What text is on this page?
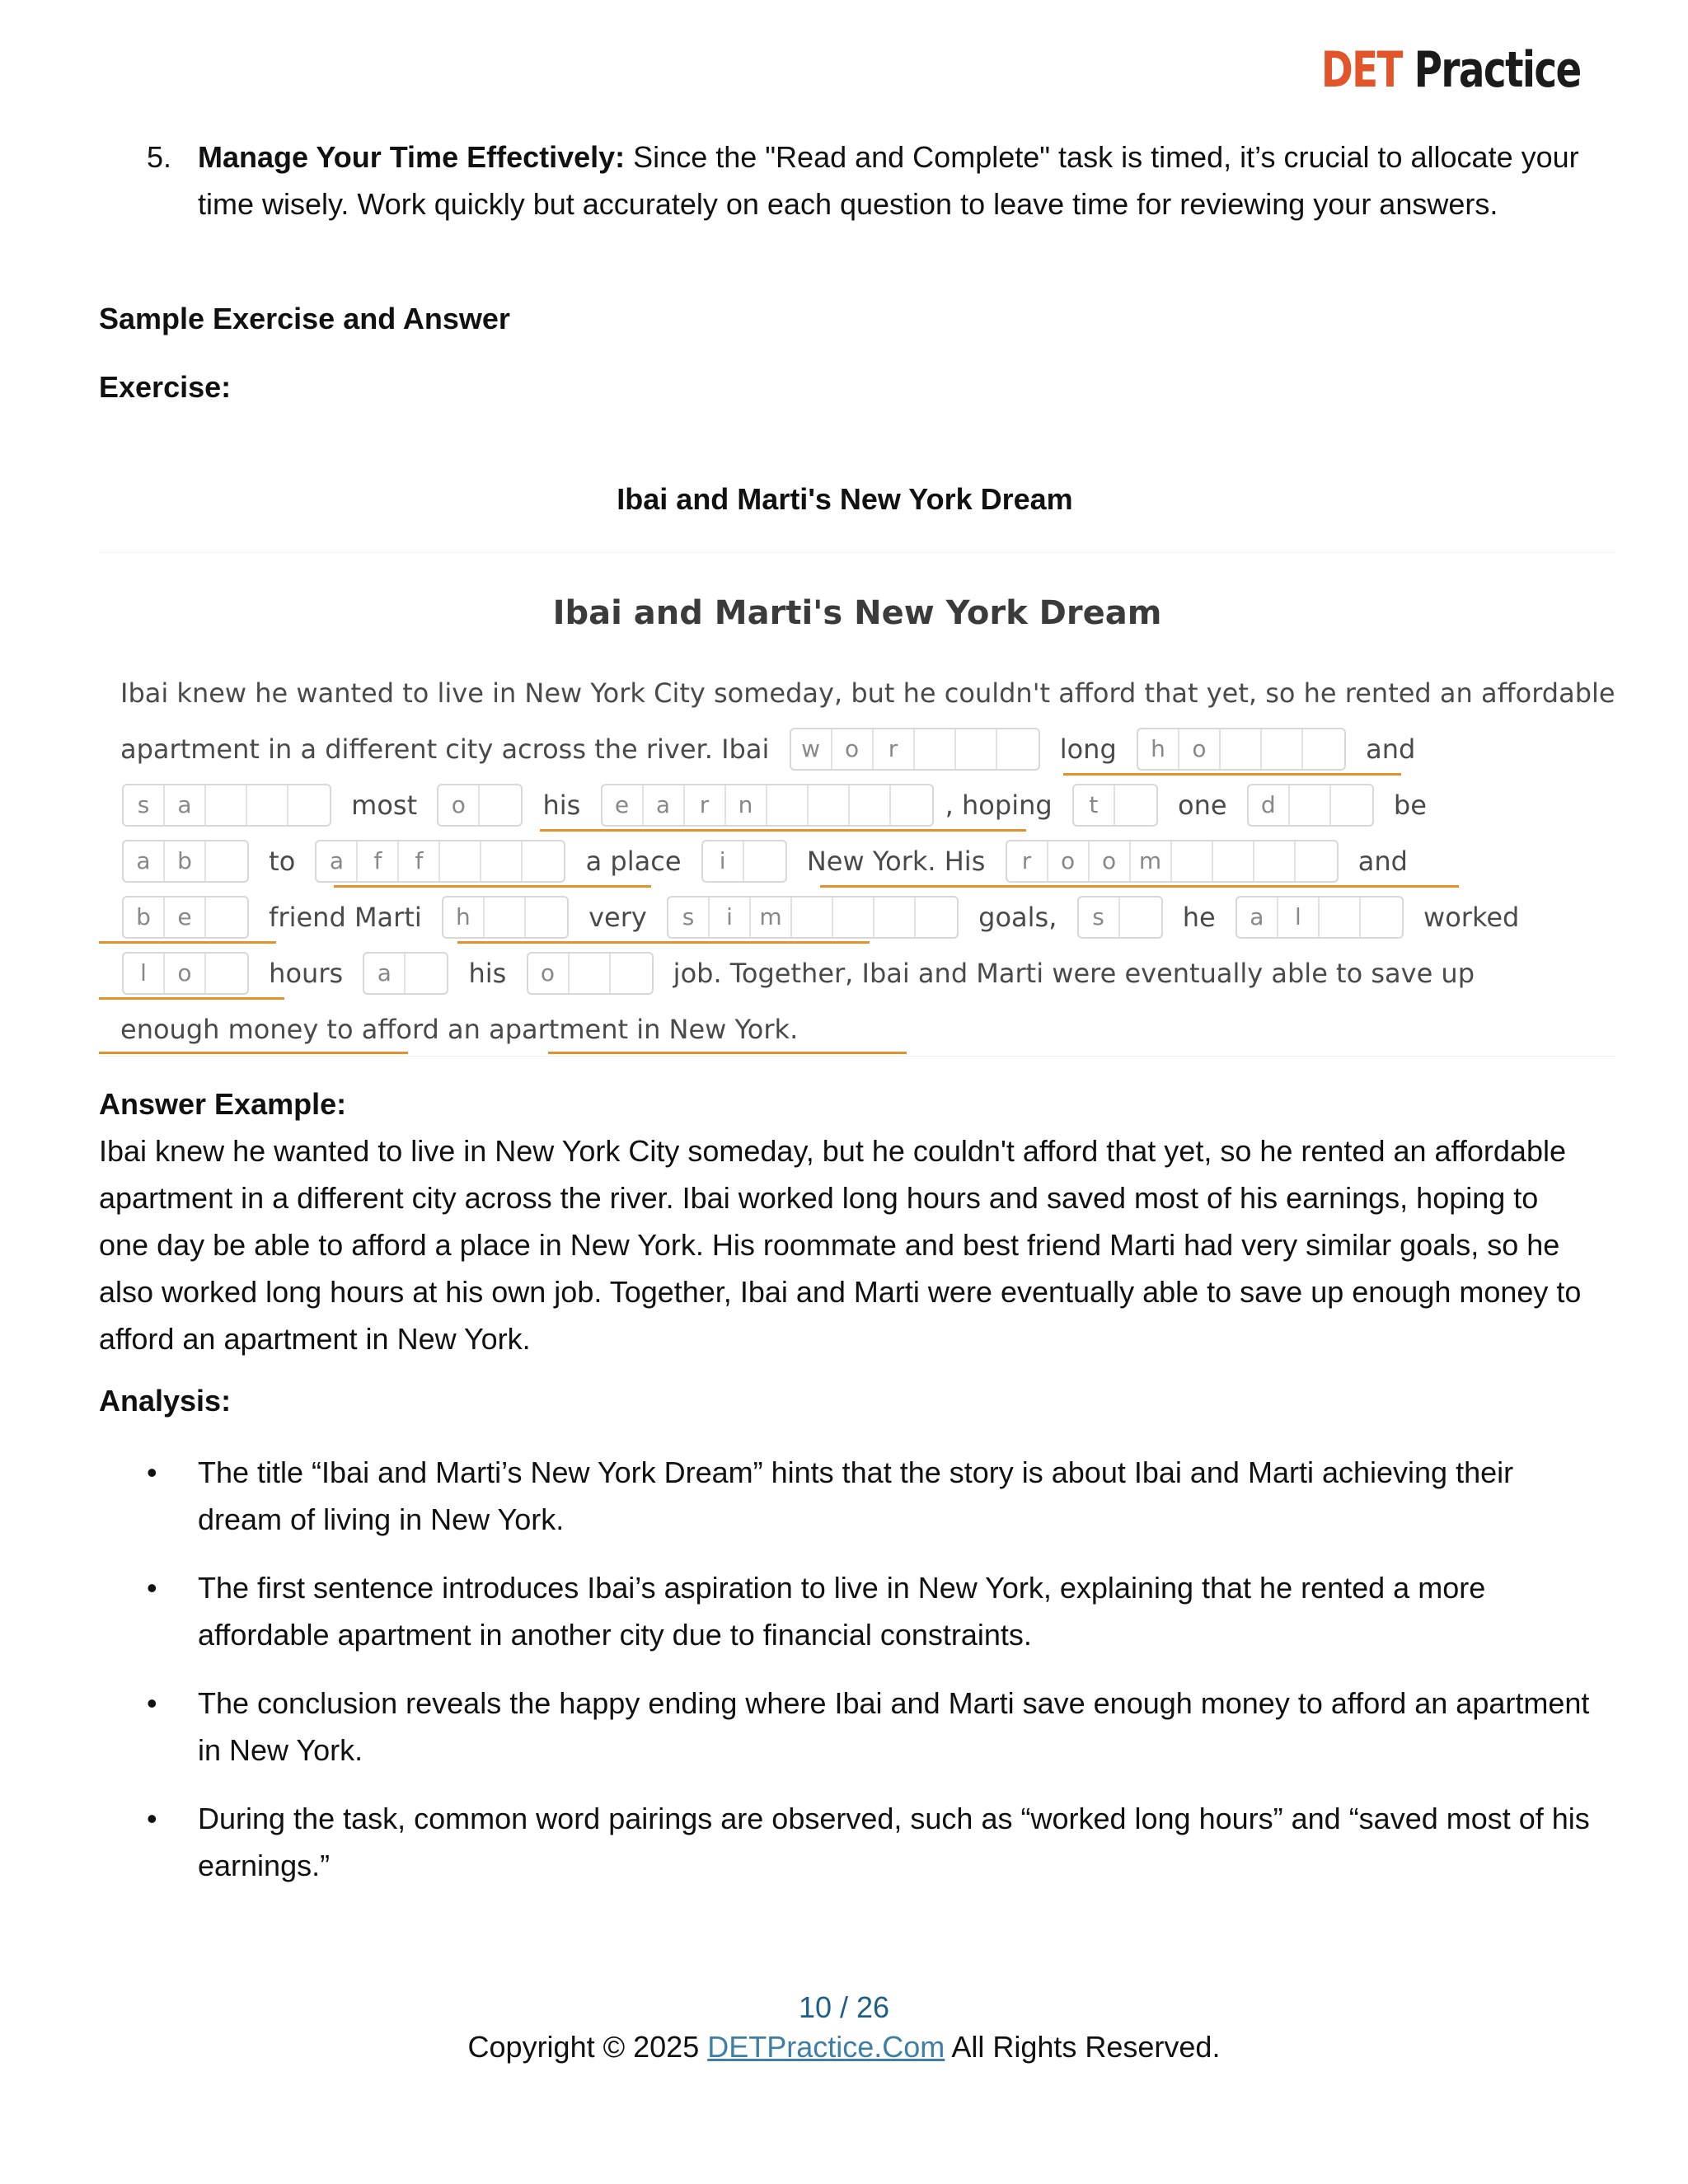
DET Practice
5. Manage Your Time Effectively: Since the "Read and Complete" task is timed, it’s crucial to allocate your time wisely. Work quickly but accurately on each question to leave time for reviewing your answers.
Sample Exercise and Answer
Exercise:
Ibai and Marti's New York Dream
Ibai and Marti's New York Dream
Ibai knew he wanted to live in New York City someday, but he couldn't afford that yet, so he rented an affordable
apartment in a different city across the river. Ibai	w	o	r	long	h	o	and
s	a	most	o	his	e	a	r	n	, hoping	t	one	d	be
a	b	to	a	f	f	a place	i	New York. His	r	o	o m	and
b	e	friend Marti	h	very	s	i	m	goals,	s	he	a	l	worked
l	o	hours	a	his	o	job. Together, Ibai and Marti were eventually able to save up
enough money to afford an apartment in New York.
Answer Example:
Ibai knew he wanted to live in New York City someday, but he couldn't afford that yet, so he rented an affordable apartment in a different city across the river. Ibai worked long hours and saved most of his earnings, hoping to one day be able to afford a place in New York. His roommate and best friend Marti had very similar goals, so he also worked long hours at his own job. Together, Ibai and Marti were eventually able to save up enough money to afford an apartment in New York.
Analysis:
• The title “Ibai and Marti’s New York Dream” hints that the story is about Ibai and Marti achieving their dream of living in New York.
• The first sentence introduces Ibai’s aspiration to live in New York, explaining that he rented a more affordable apartment in another city due to financial constraints.
• The conclusion reveals the happy ending where Ibai and Marti save enough money to afford an apartment in New York.
• During the task, common word pairings are observed, such as “worked long hours” and “saved most of his earnings.”
10 / 26
Copyright © 2025 DETPractice.Com All Rights Reserved.
